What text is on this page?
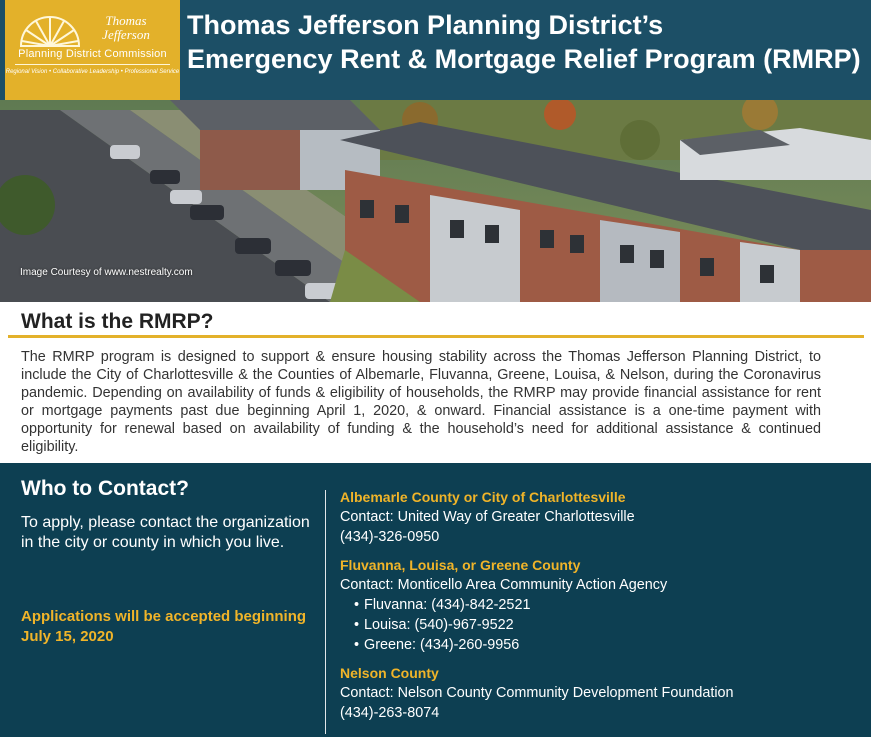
Thomas
Jefferson
Planning District Commission
Regional Vision • Collaborative Leadership • Professional Service
Thomas Jefferson Planning District’s
Emergency Rent & Mortgage Relief Program (RMRP)
Image Courtesy of www.nestrealty.com
What is the RMRP?
The RMRP program is designed to support & ensure housing stability across the Thomas Jefferson Planning District, to include the City of Charlottesville & the Counties of Albemarle, Fluvanna, Greene, Louisa, & Nelson, during the Coronavirus pandemic. Depending on availability of funds & eligibility of households, the RMRP may provide financial assistance for rent or mortgage payments past due beginning April 1, 2020, & onward. Financial assistance is a one-time payment with opportunity for renewal based on availability of funding & the household’s need for additional assistance & continued eligibility.
Who to Contact?
To apply, please contact the organization in the city or county in which you live.
Applications will be accepted beginning July 15, 2020
Albemarle County or City of Charlottesville
Contact: United Way of Greater Charlottesville
(434)-326-0950
Fluvanna, Louisa, or Greene County
Contact: Monticello Area Community Action Agency
• Fluvanna: (434)-842-2521
• Louisa: (540)-967-9522
• Greene: (434)-260-9956
Nelson County
Contact: Nelson County Community Development Foundation
(434)-263-8074
